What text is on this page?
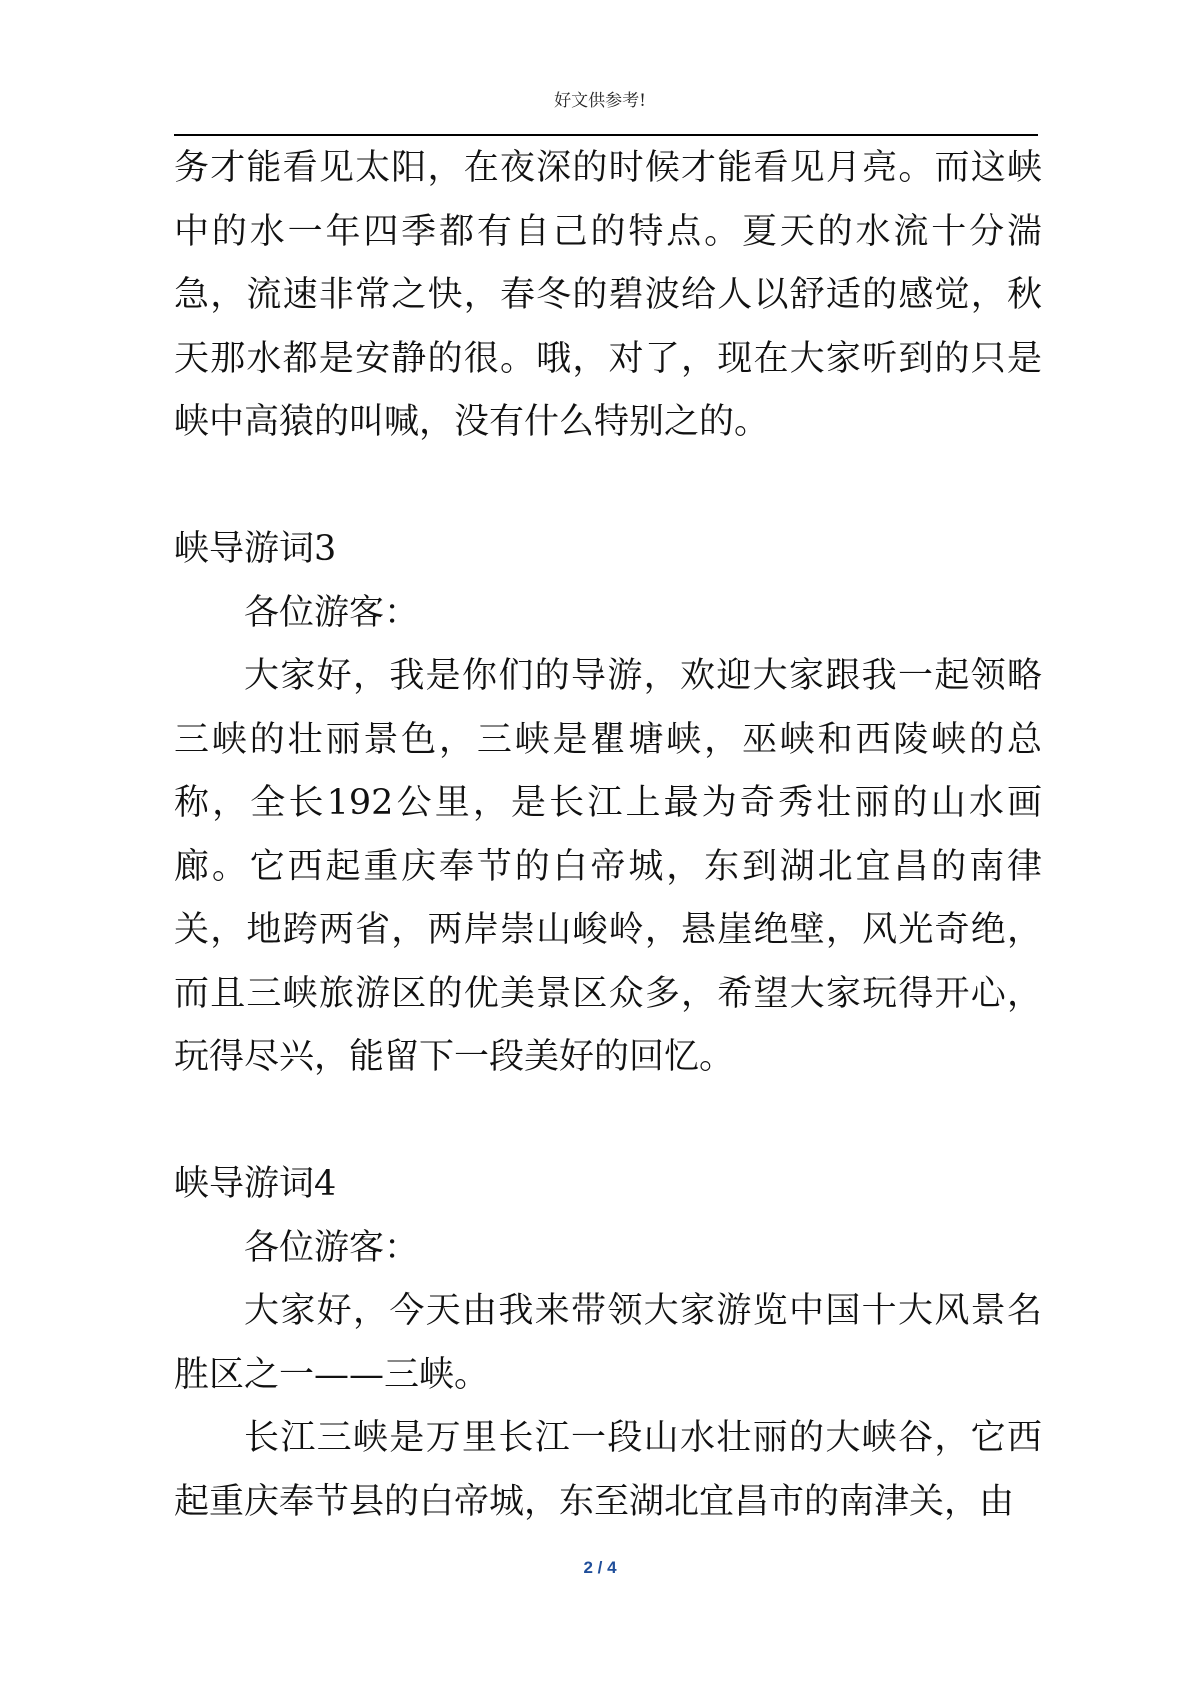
好文供参考!

务才能看见太阳，在夜深的时候才能看见月亮。而这峡中的水一年四季都有自己的特点。夏天的水流十分湍急，流速非常之快，春冬的碧波给人以舒适的感觉，秋天那水都是安静的很。哦，对了，现在大家听到的只是峡中高猿的叫喊，没有什么特别之的。

峡导游词3

各位游客：

大家好，我是你们的导游，欢迎大家跟我一起领略三峡的壮丽景色，三峡是瞿塘峡，巫峡和西陵峡的总称，全长192公里，是长江上最为奇秀壮丽的山水画廊。它西起重庆奉节的白帝城，东到湖北宜昌的南律关，地跨两省，两岸崇山峻岭，悬崖绝壁，风光奇绝，而且三峡旅游区的优美景区众多，希望大家玩得开心，玩得尽兴，能留下一段美好的回忆。

峡导游词4

各位游客：

大家好，今天由我来带领大家游览中国十大风景名胜区之一——三峡。

长江三峡是万里长江一段山水壮丽的大峡谷，它西起重庆奉节县的白帝城，东至湖北宜昌市的南津关，由

2 / 4
